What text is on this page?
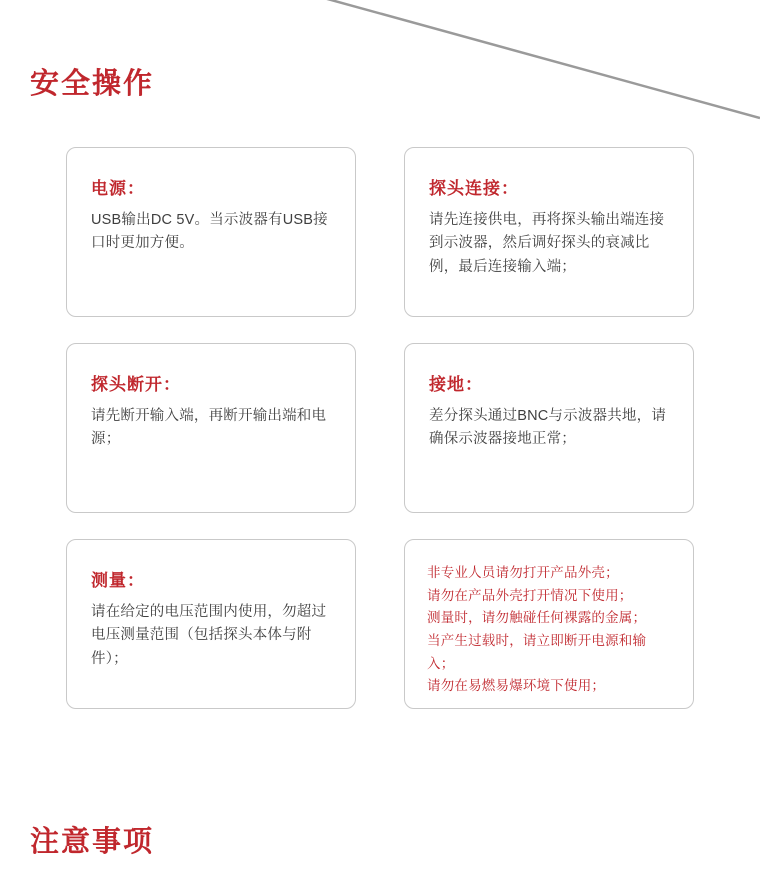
安全操作

电源：

USB输出DC 5V。当示波器有USB接口时更加方便。

探头连接：

请先连接供电，再将探头输出端连接到示波器，然后调好探头的衰减比例，最后连接输入端；

探头断开：

请先断开输入端，再断开输出端和电源；

接地：

差分探头通过BNC与示波器共地，请确保示波器接地正常；

测量：

请在给定的电压范围内使用，勿超过电压测量范围（包括探头本体与附件）；

非专业人员请勿打开产品外壳；

请勿在产品外壳打开情况下使用；

测量时，请勿触碰任何裸露的金属；

当产生过载时，请立即断开电源和输入；

请勿在易燃易爆环境下使用；

注意事项
